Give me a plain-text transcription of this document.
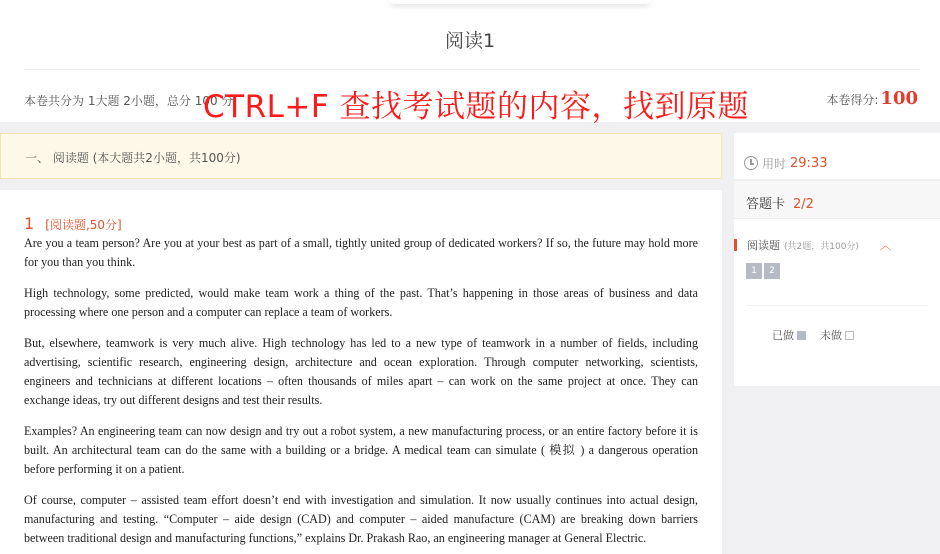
阅读1
本卷共分为 1大题 2小题，总分 100 分	本卷得分: 100
一、 阅读题 (本大题共2小题，共100分)
1 [阅读题,50分]

Are you a team person? Are you at your best as part of a small, tightly united group of dedicated workers? If so, the future may hold more for you than you think.

High technology, some predicted, would make team work a thing of the past. That’s happening in those areas of business and data processing where one person and a computer can replace a team of workers.

But, elsewhere, teamwork is very much alive. High technology has led to a new type of teamwork in a number of fields, including advertising, scientific research, engineering design, architecture and ocean exploration. Through computer networking, scientists, engineers and technicians at different locations – often thousands of miles apart – can work on the same project at once. They can exchange ideas, try out different designs and test their results.

Examples? An engineering team can now design and try out a robot system, a new manufacturing process, or an entire factory before it is built. An architectural team can do the same with a building or a bridge. A medical team can simulate ( 模拟 ) a dangerous operation before performing it on a patient.

Of course, computer – assisted team effort doesn’t end with investigation and simulation. It now usually continues into actual design, manufacturing and testing. “Computer – aide design (CAD) and computer – aided manufacture (CAM) are breaking down barriers between traditional design and manufacturing functions,” explains Dr. Prakash Rao, an engineering manager at General Electric.

用时 29:33
答题卡 2/2
阅读题 (共2题，共100分) ︿
1	2
已做 未做
CTRL+F 查找考试题的内容，找到原题
